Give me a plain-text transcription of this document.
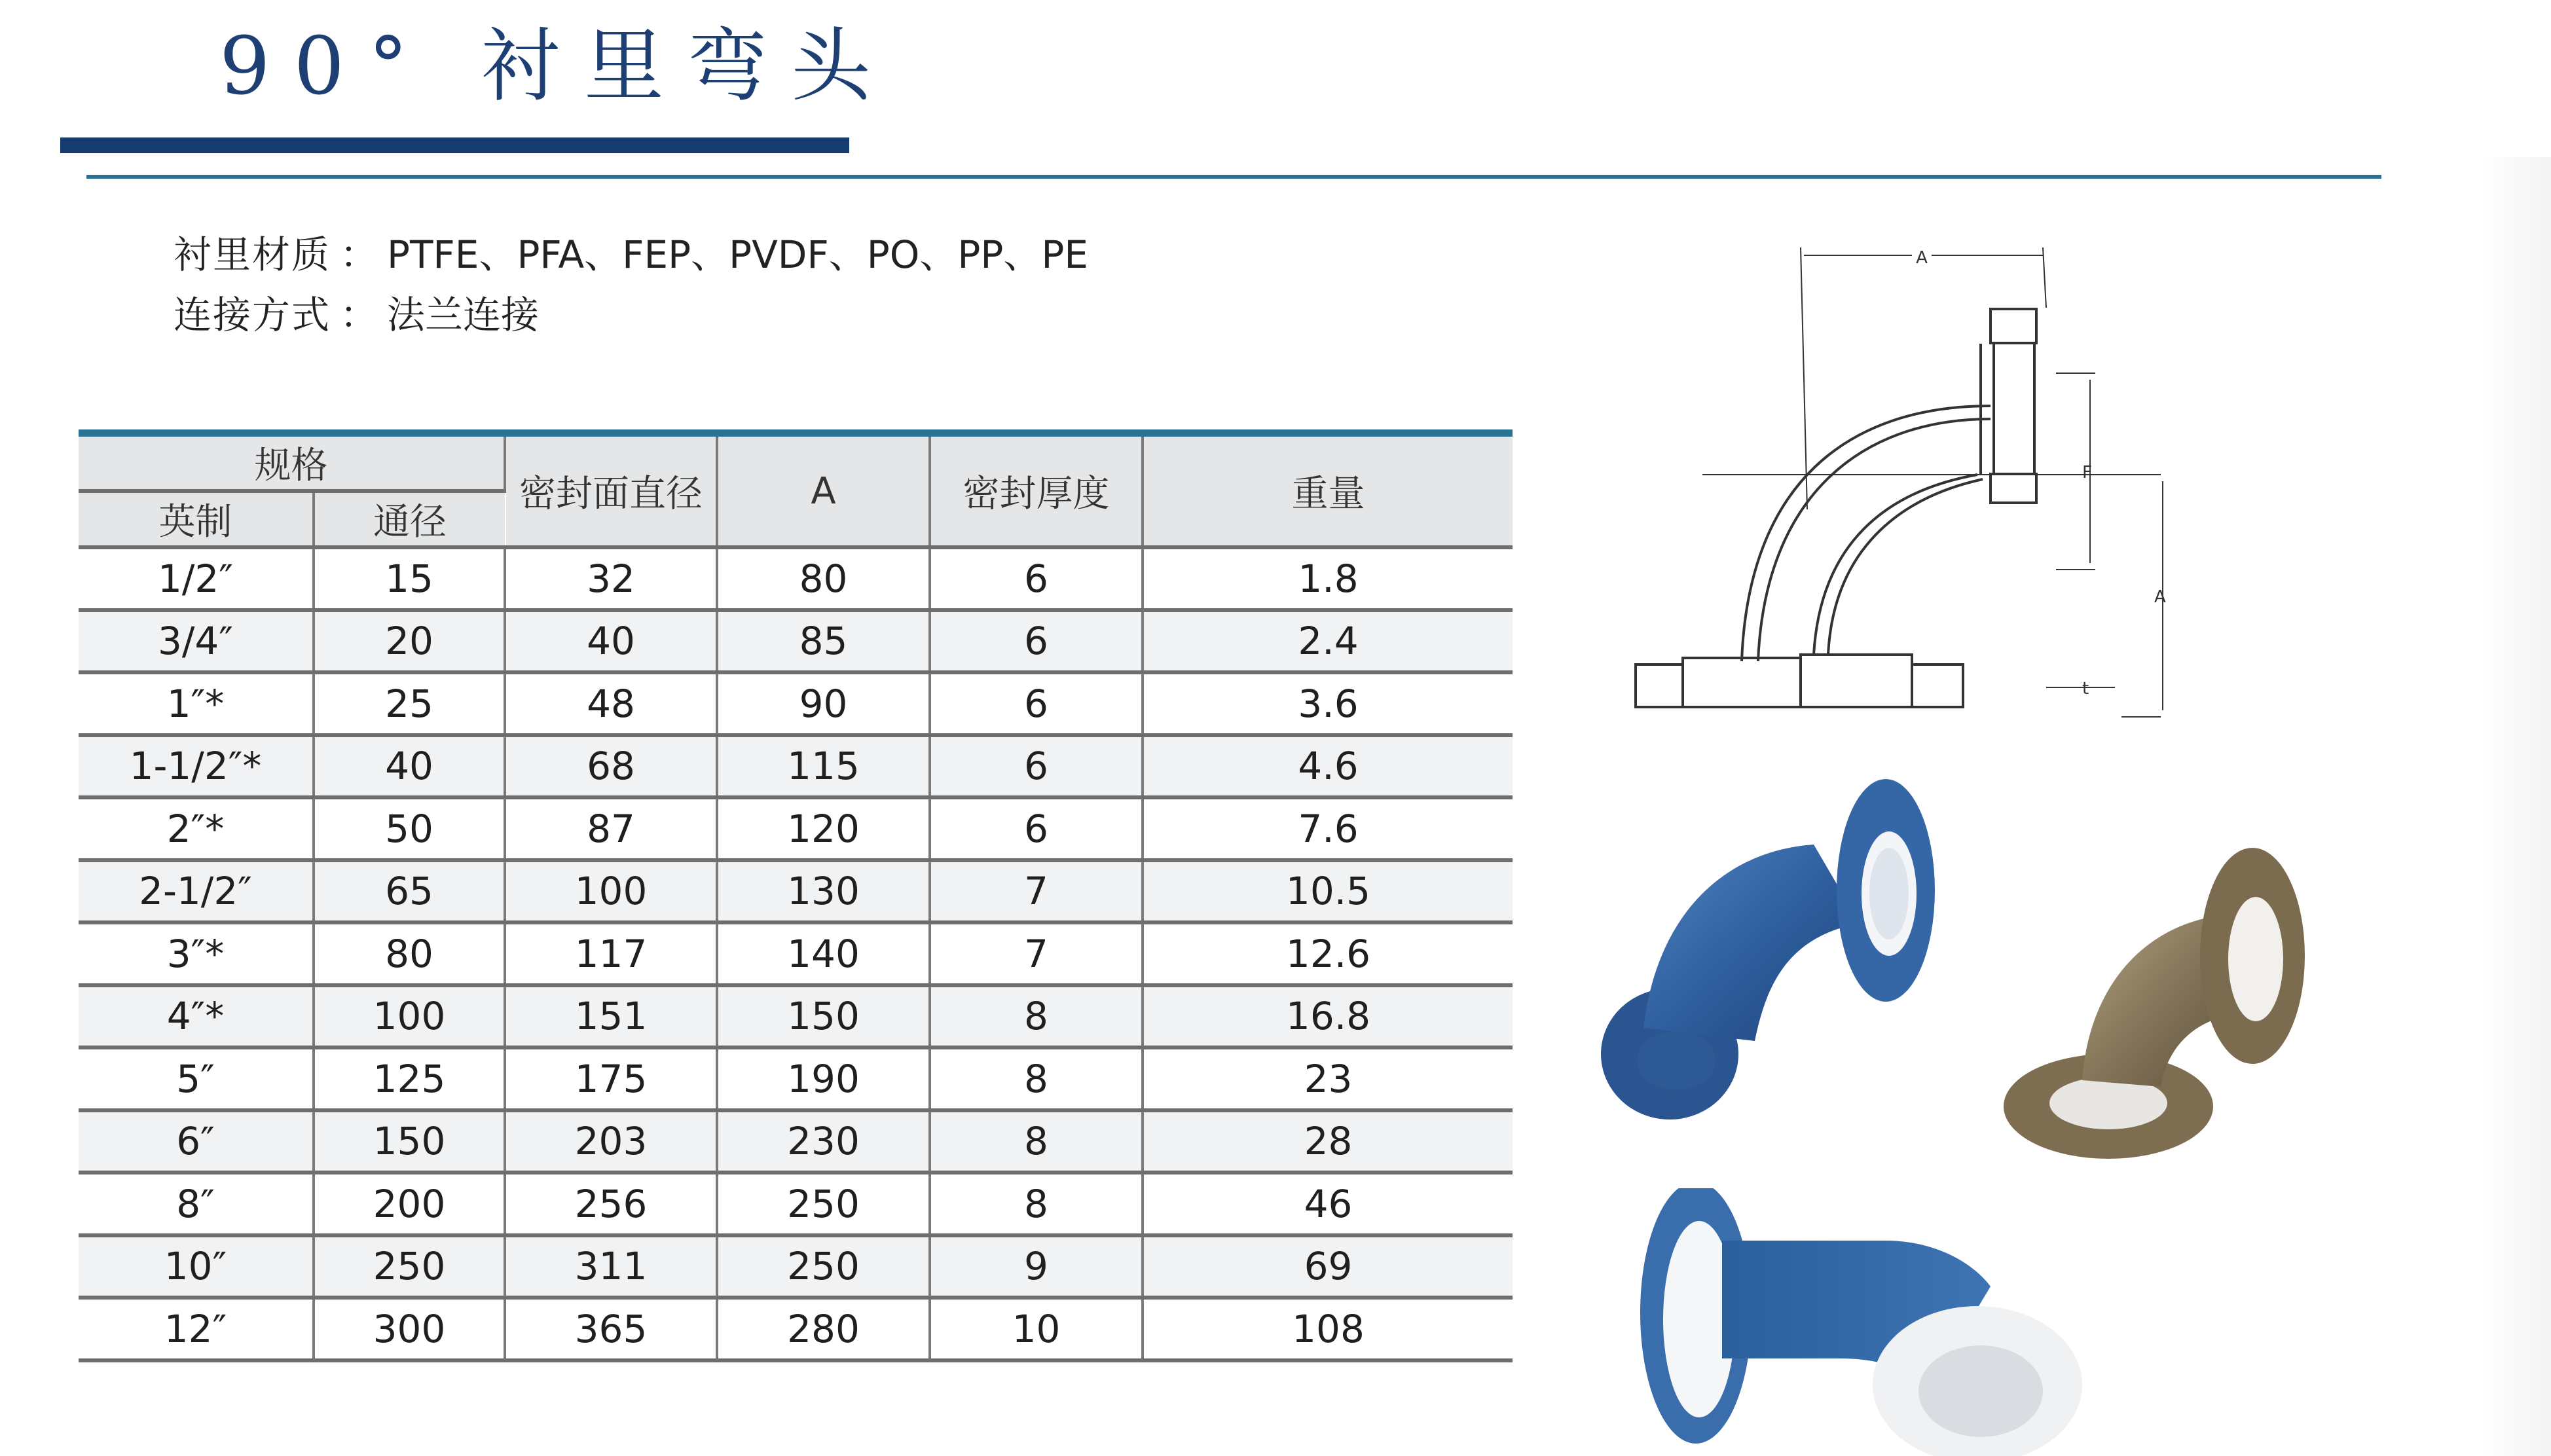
90° 衬里弯头
衬里材质 ： PTFE、PFA、FEP、PVDF、PO、PP、PE
连接方式 ： 法兰连接
规格		密封面直径	A	密封厚度	重量
英制	通径				
1/2″	15	32	80	6	1.8
3/4″	20	40	85	6	2.4
1″*	25	48	90	6	3.6
1-1/2″*	40	68	115	6	4.6
2″*	50	87	120	6	7.6
2-1/2″	65	100	130	7	10.5
3″*	80	117	140	7	12.6
4″*	100	151	150	8	16.8
5″	125	175	190	8	23
6″	150	203	230	8	28
8″	200	256	250	8	46
10″	250	311	250	9	69
12″	300	365	280	10	108
A
F
A
t
